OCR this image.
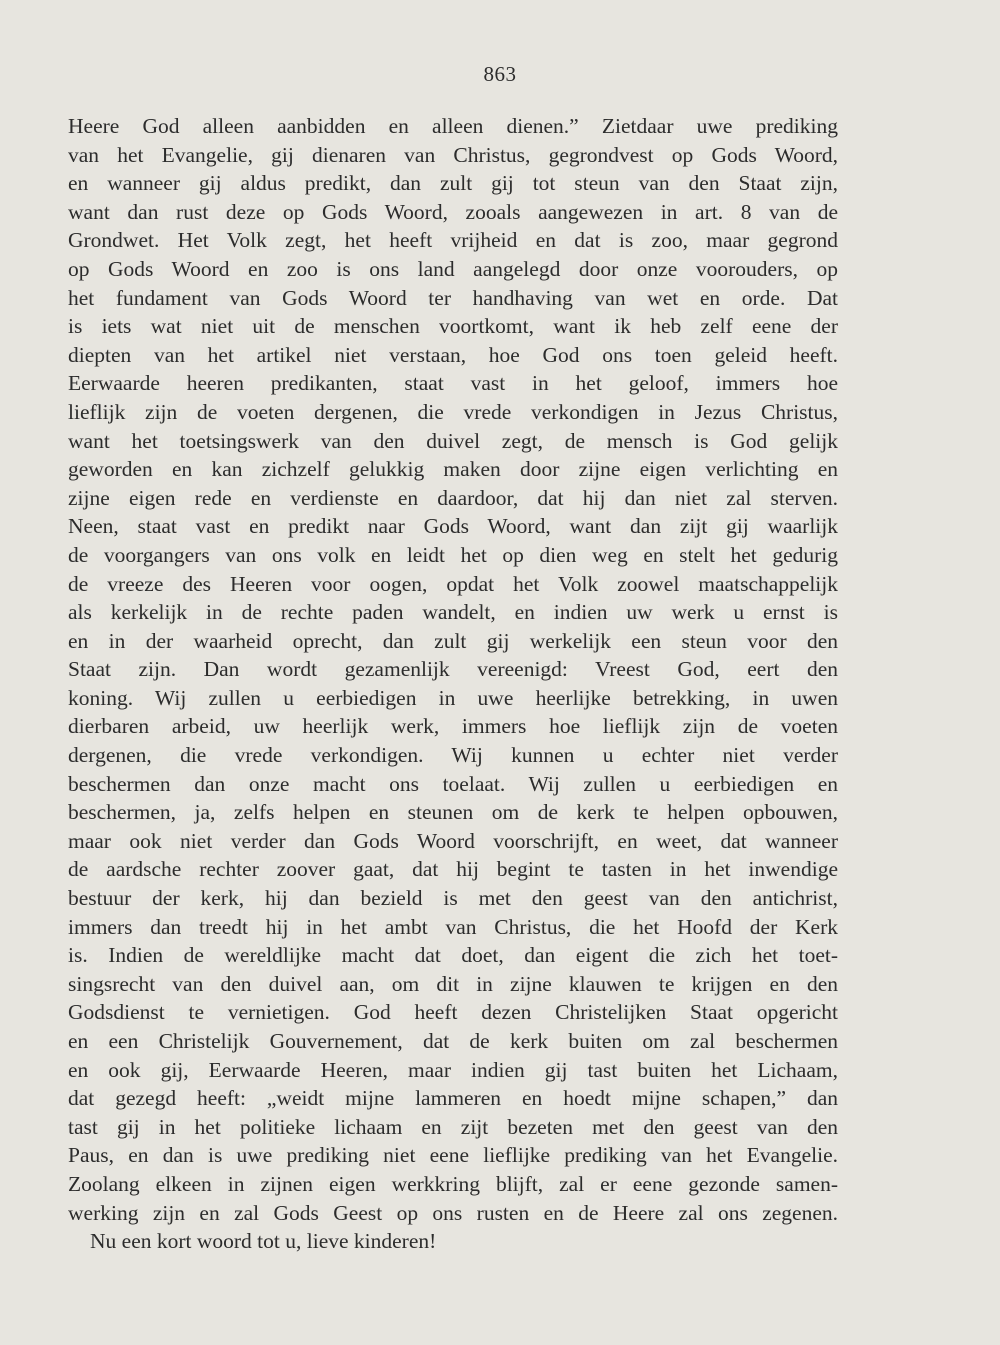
863
Heere God alleen aanbidden en alleen dienen.” Zietdaar uwe prediking
van het Evangelie, gij dienaren van Christus, gegrondvest op Gods Woord,
en wanneer gij aldus predikt, dan zult gij tot steun van den Staat zijn,
want dan rust deze op Gods Woord, zooals aangewezen in art. 8 van de
Grondwet. Het Volk zegt, het heeft vrijheid en dat is zoo, maar gegrond
op Gods Woord en zoo is ons land aangelegd door onze voorouders, op
het fundament van Gods Woord ter handhaving van wet en orde. Dat
is iets wat niet uit de menschen voortkomt, want ik heb zelf eene der
diepten van het artikel niet verstaan, hoe God ons toen geleid heeft.
Eerwaarde heeren predikanten, staat vast in het geloof, immers hoe
lieflijk zijn de voeten dergenen, die vrede verkondigen in Jezus Christus,
want het toetsingswerk van den duivel zegt, de mensch is God gelijk
geworden en kan zichzelf gelukkig maken door zijne eigen verlichting en
zijne eigen rede en verdienste en daardoor, dat hij dan niet zal sterven.
Neen, staat vast en predikt naar Gods Woord, want dan zijt gij waarlijk
de voorgangers van ons volk en leidt het op dien weg en stelt het gedurig
de vreeze des Heeren voor oogen, opdat het Volk zoowel maatschappelijk
als kerkelijk in de rechte paden wandelt, en indien uw werk u ernst is
en in der waarheid oprecht, dan zult gij werkelijk een steun voor den
Staat zijn. Dan wordt gezamenlijk vereenigd: Vreest God, eert den
koning. Wij zullen u eerbiedigen in uwe heerlijke betrekking, in uwen
dierbaren arbeid, uw heerlijk werk, immers hoe lieflijk zijn de voeten
dergenen, die vrede verkondigen. Wij kunnen u echter niet verder
beschermen dan onze macht ons toelaat. Wij zullen u eerbiedigen en
beschermen, ja, zelfs helpen en steunen om de kerk te helpen opbouwen,
maar ook niet verder dan Gods Woord voorschrijft, en weet, dat wanneer
de aardsche rechter zoover gaat, dat hij begint te tasten in het inwendige
bestuur der kerk, hij dan bezield is met den geest van den antichrist,
immers dan treedt hij in het ambt van Christus, die het Hoofd der Kerk
is. Indien de wereldlijke macht dat doet, dan eigent die zich het toet-
singsrecht van den duivel aan, om dit in zijne klauwen te krijgen en den
Godsdienst te vernietigen. God heeft dezen Christelijken Staat opgericht
en een Christelijk Gouvernement, dat de kerk buiten om zal beschermen
en ook gij, Eerwaarde Heeren, maar indien gij tast buiten het Lichaam,
dat gezegd heeft: „weidt mijne lammeren en hoedt mijne schapen,” dan
tast gij in het politieke lichaam en zijt bezeten met den geest van den
Paus, en dan is uwe prediking niet eene lieflijke prediking van het Evangelie.
Zoolang elkeen in zijnen eigen werkkring blijft, zal er eene gezonde samen-
werking zijn en zal Gods Geest op ons rusten en de Heere zal ons zegenen.
Nu een kort woord tot u, lieve kinderen!
